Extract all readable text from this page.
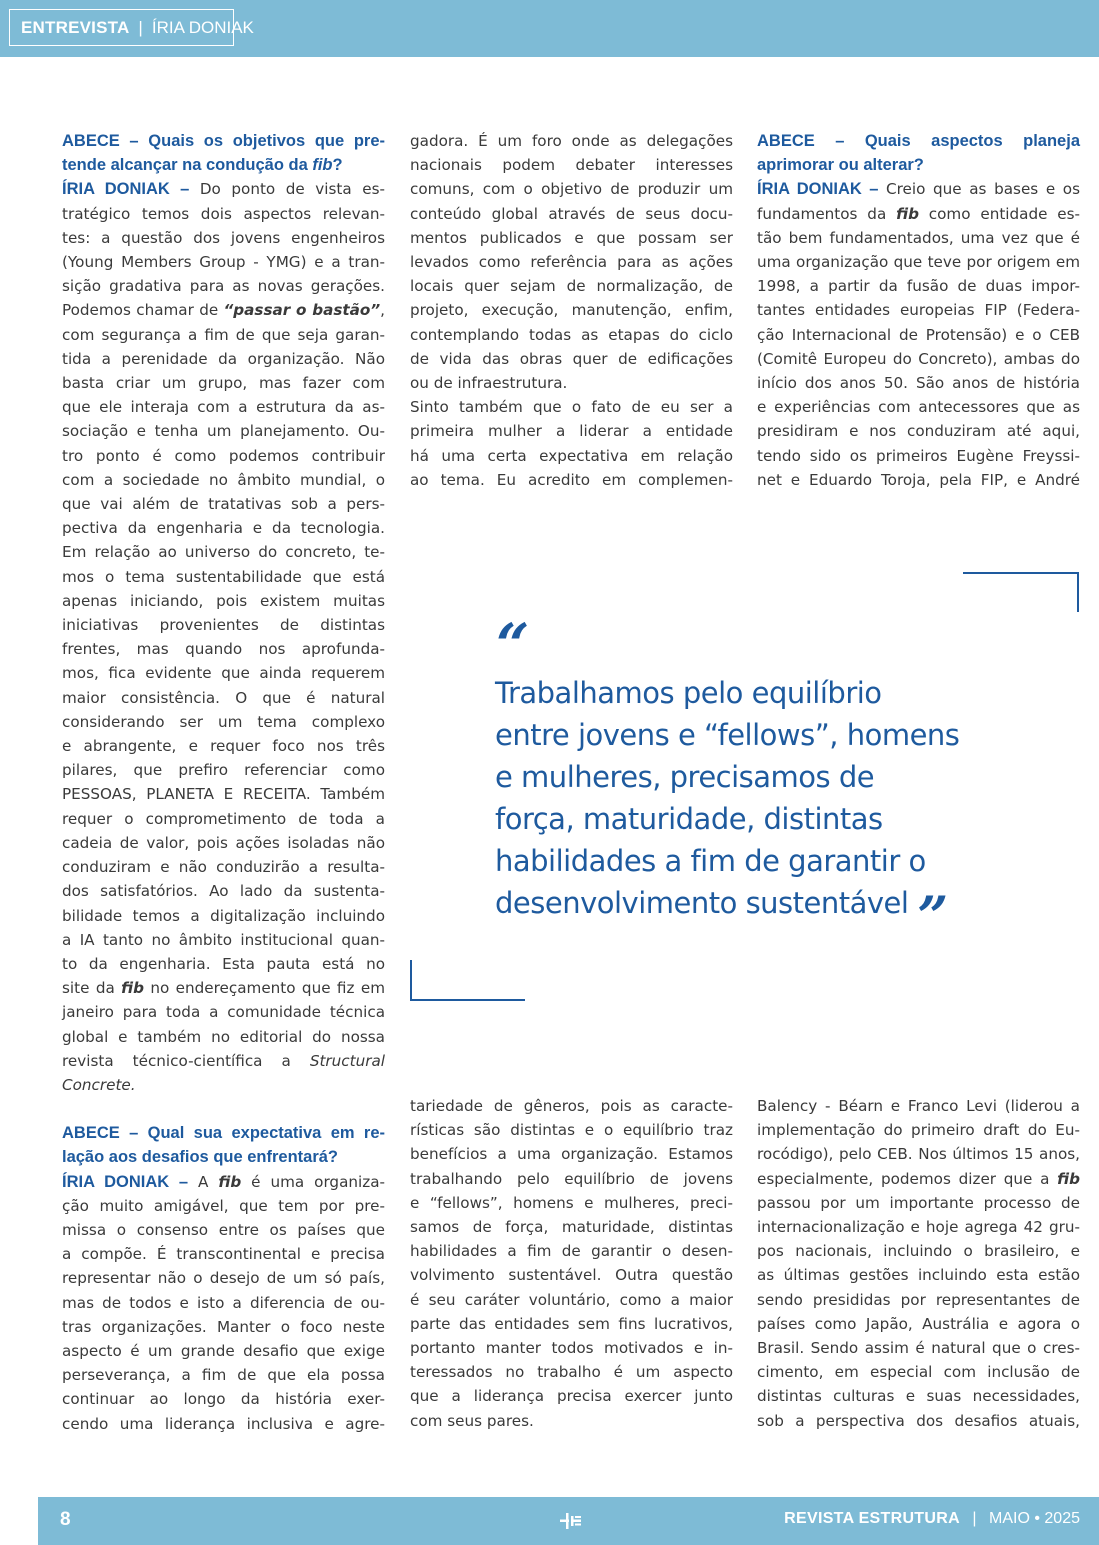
ENTREVISTA | ÍRIA DONIAK
ABECE – Quais os objetivos que pre-
tende alcançar na condução da fib?
ÍRIA DONIAK – Do ponto de vista es-
tratégico temos dois aspectos relevan-
tes: a questão dos jovens engenheiros
(Young Members Group - YMG) e a tran-
sição gradativa para as novas gerações.
Podemos chamar de “passar o bastão”,
com segurança a fim de que seja garan-
tida a perenidade da organização. Não
basta criar um grupo, mas fazer com
que ele interaja com a estrutura da as-
sociação e tenha um planejamento. Ou-
tro ponto é como podemos contribuir
com a sociedade no âmbito mundial, o
que vai além de tratativas sob a pers-
pectiva da engenharia e da tecnologia.
Em relação ao universo do concreto, te-
mos o tema sustentabilidade que está
apenas iniciando, pois existem muitas
iniciativas provenientes de distintas
frentes, mas quando nos aprofunda-
mos, fica evidente que ainda requerem
maior consistência. O que é natural
considerando ser um tema complexo
e abrangente, e requer foco nos três
pilares, que prefiro referenciar como
PESSOAS, PLANETA E RECEITA. Também
requer o comprometimento de toda a
cadeia de valor, pois ações isoladas não
conduziram e não conduzirão a resulta-
dos satisfatórios. Ao lado da sustenta-
bilidade temos a digitalização incluindo
a IA tanto no âmbito institucional quan-
to da engenharia. Esta pauta está no
site da fib no endereçamento que fiz em
janeiro para toda a comunidade técnica
global e também no editorial do nossa
revista técnico-científica a Structural
Concrete.
ABECE – Qual sua expectativa em re-
lação aos desafios que enfrentará?
ÍRIA DONIAK – A fib é uma organiza-
ção muito amigável, que tem por pre-
missa o consenso entre os países que
a compõe. É transcontinental e precisa
representar não o desejo de um só país,
mas de todos e isto a diferencia de ou-
tras organizações. Manter o foco neste
aspecto é um grande desafio que exige
perseverança, a fim de que ela possa
continuar ao longo da história exer-
cendo uma liderança inclusiva e agre-
gadora. É um foro onde as delegações
nacionais podem debater interesses
comuns, com o objetivo de produzir um
conteúdo global através de seus docu-
mentos publicados e que possam ser
levados como referência para as ações
locais quer sejam de normalização, de
projeto, execução, manutenção, enfim,
contemplando todas as etapas do ciclo
de vida das obras quer de edificações
ou de infraestrutura.
Sinto também que o fato de eu ser a
primeira mulher a liderar a entidade
há uma certa expectativa em relação
ao tema. Eu acredito em complemen-
ABECE – Quais aspectos planeja
aprimorar ou alterar?
ÍRIA DONIAK – Creio que as bases e os
fundamentos da fib como entidade es-
tão bem fundamentados, uma vez que é
uma organização que teve por origem em
1998, a partir da fusão de duas impor-
tantes entidades europeias FIP (Federa-
ção Internacional de Protensão) e o CEB
(Comitê Europeu do Concreto), ambas do
início dos anos 50. São anos de história
e experiências com antecessores que as
presidiram e nos conduziram até aqui,
tendo sido os primeiros Eugène Freyssi-
net e Eduardo Toroja, pela FIP, e André
“
Trabalhamos pelo equilíbrio
entre jovens e “fellows”, homens
e mulheres, precisamos de
força, maturidade, distintas
habilidades a fim de garantir o
desenvolvimento sustentável ”
tariedade de gêneros, pois as caracte-
rísticas são distintas e o equilíbrio traz
benefícios a uma organização. Estamos
trabalhando pelo equilíbrio de jovens
e “fellows”, homens e mulheres, preci-
samos de força, maturidade, distintas
habilidades a fim de garantir o desen-
volvimento sustentável. Outra questão
é seu caráter voluntário, como a maior
parte das entidades sem fins lucrativos,
portanto manter todos motivados e in-
teressados no trabalho é um aspecto
que a liderança precisa exercer junto
com seus pares.
Balency - Béarn e Franco Levi (liderou a
implementação do primeiro draft do Eu-
rocódigo), pelo CEB. Nos últimos 15 anos,
especialmente, podemos dizer que a fib
passou por um importante processo de
internacionalização e hoje agrega 42 gru-
pos nacionais, incluindo o brasileiro, e
as últimas gestões incluindo esta estão
sendo presididas por representantes de
países como Japão, Austrália e agora o
Brasil. Sendo assim é natural que o cres-
cimento, em especial com inclusão de
distintas culturas e suas necessidades,
sob a perspectiva dos desafios atuais,
8	REVISTA ESTRUTURA | MAIO • 2025
